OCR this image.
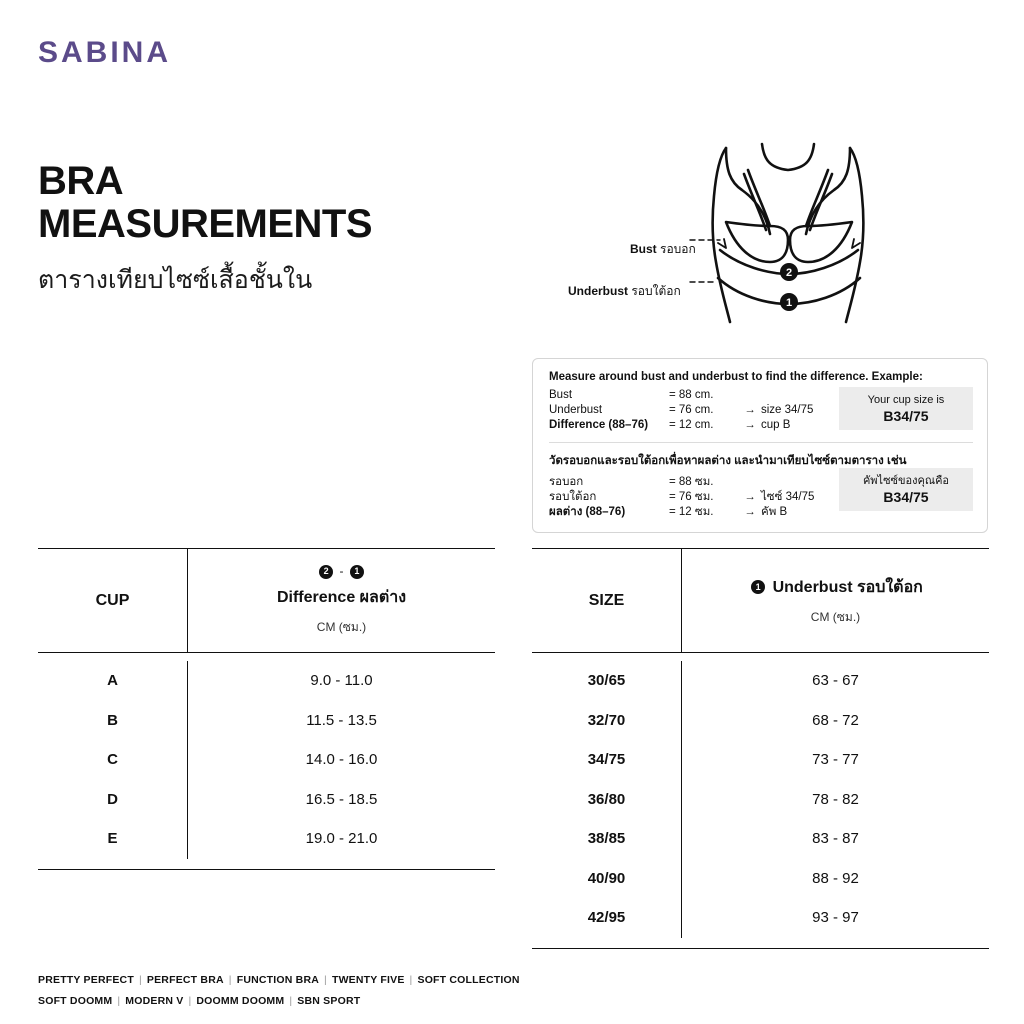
SABINA
BRA
MEASUREMENTS
ตารางเทียบไซซ์เสื้อชั้นใน	2
1
Bust รอบอก
Underbust รอบใต้อก
Measure around bust and underbust to find the difference. Example:
Bust	= 88 cm.
Underbust	= 76 cm.	→ size 34/75
Difference (88–76)	= 12 cm.	→ cup B
Your cup size is
B34/75
วัดรอบอกและรอบใต้อกเพื่อหาผลต่าง และนำมาเทียบไซซ์ตามตาราง เช่น
รอบอก	= 88 ซม.
รอบใต้อก	= 76 ซม.	→ ไซซ์ 34/75
ผลต่าง (88–76)	= 12 ซม.	→ คัพ B
คัพไซซ์ของคุณคือ
B34/75
CUP
2 - 1
Difference ผลต่าง
CM (ซม.)
A	9.0 - 11.0
B	11.5 - 13.5
C	14.0 - 16.0
D	16.5 - 18.5
E	19.0 - 21.0
SIZE
1 Underbust รอบใต้อก
CM (ซม.)
30/65	63 - 67
32/70	68 - 72
34/75	73 - 77
36/80	78 - 82
38/85	83 - 87
40/90	88 - 92
42/95	93 - 97
PRETTY PERFECT | PERFECT BRA | FUNCTION BRA | TWENTY FIVE | SOFT COLLECTION
SOFT DOOMM | MODERN V | DOOMM DOOMM | SBN SPORT
